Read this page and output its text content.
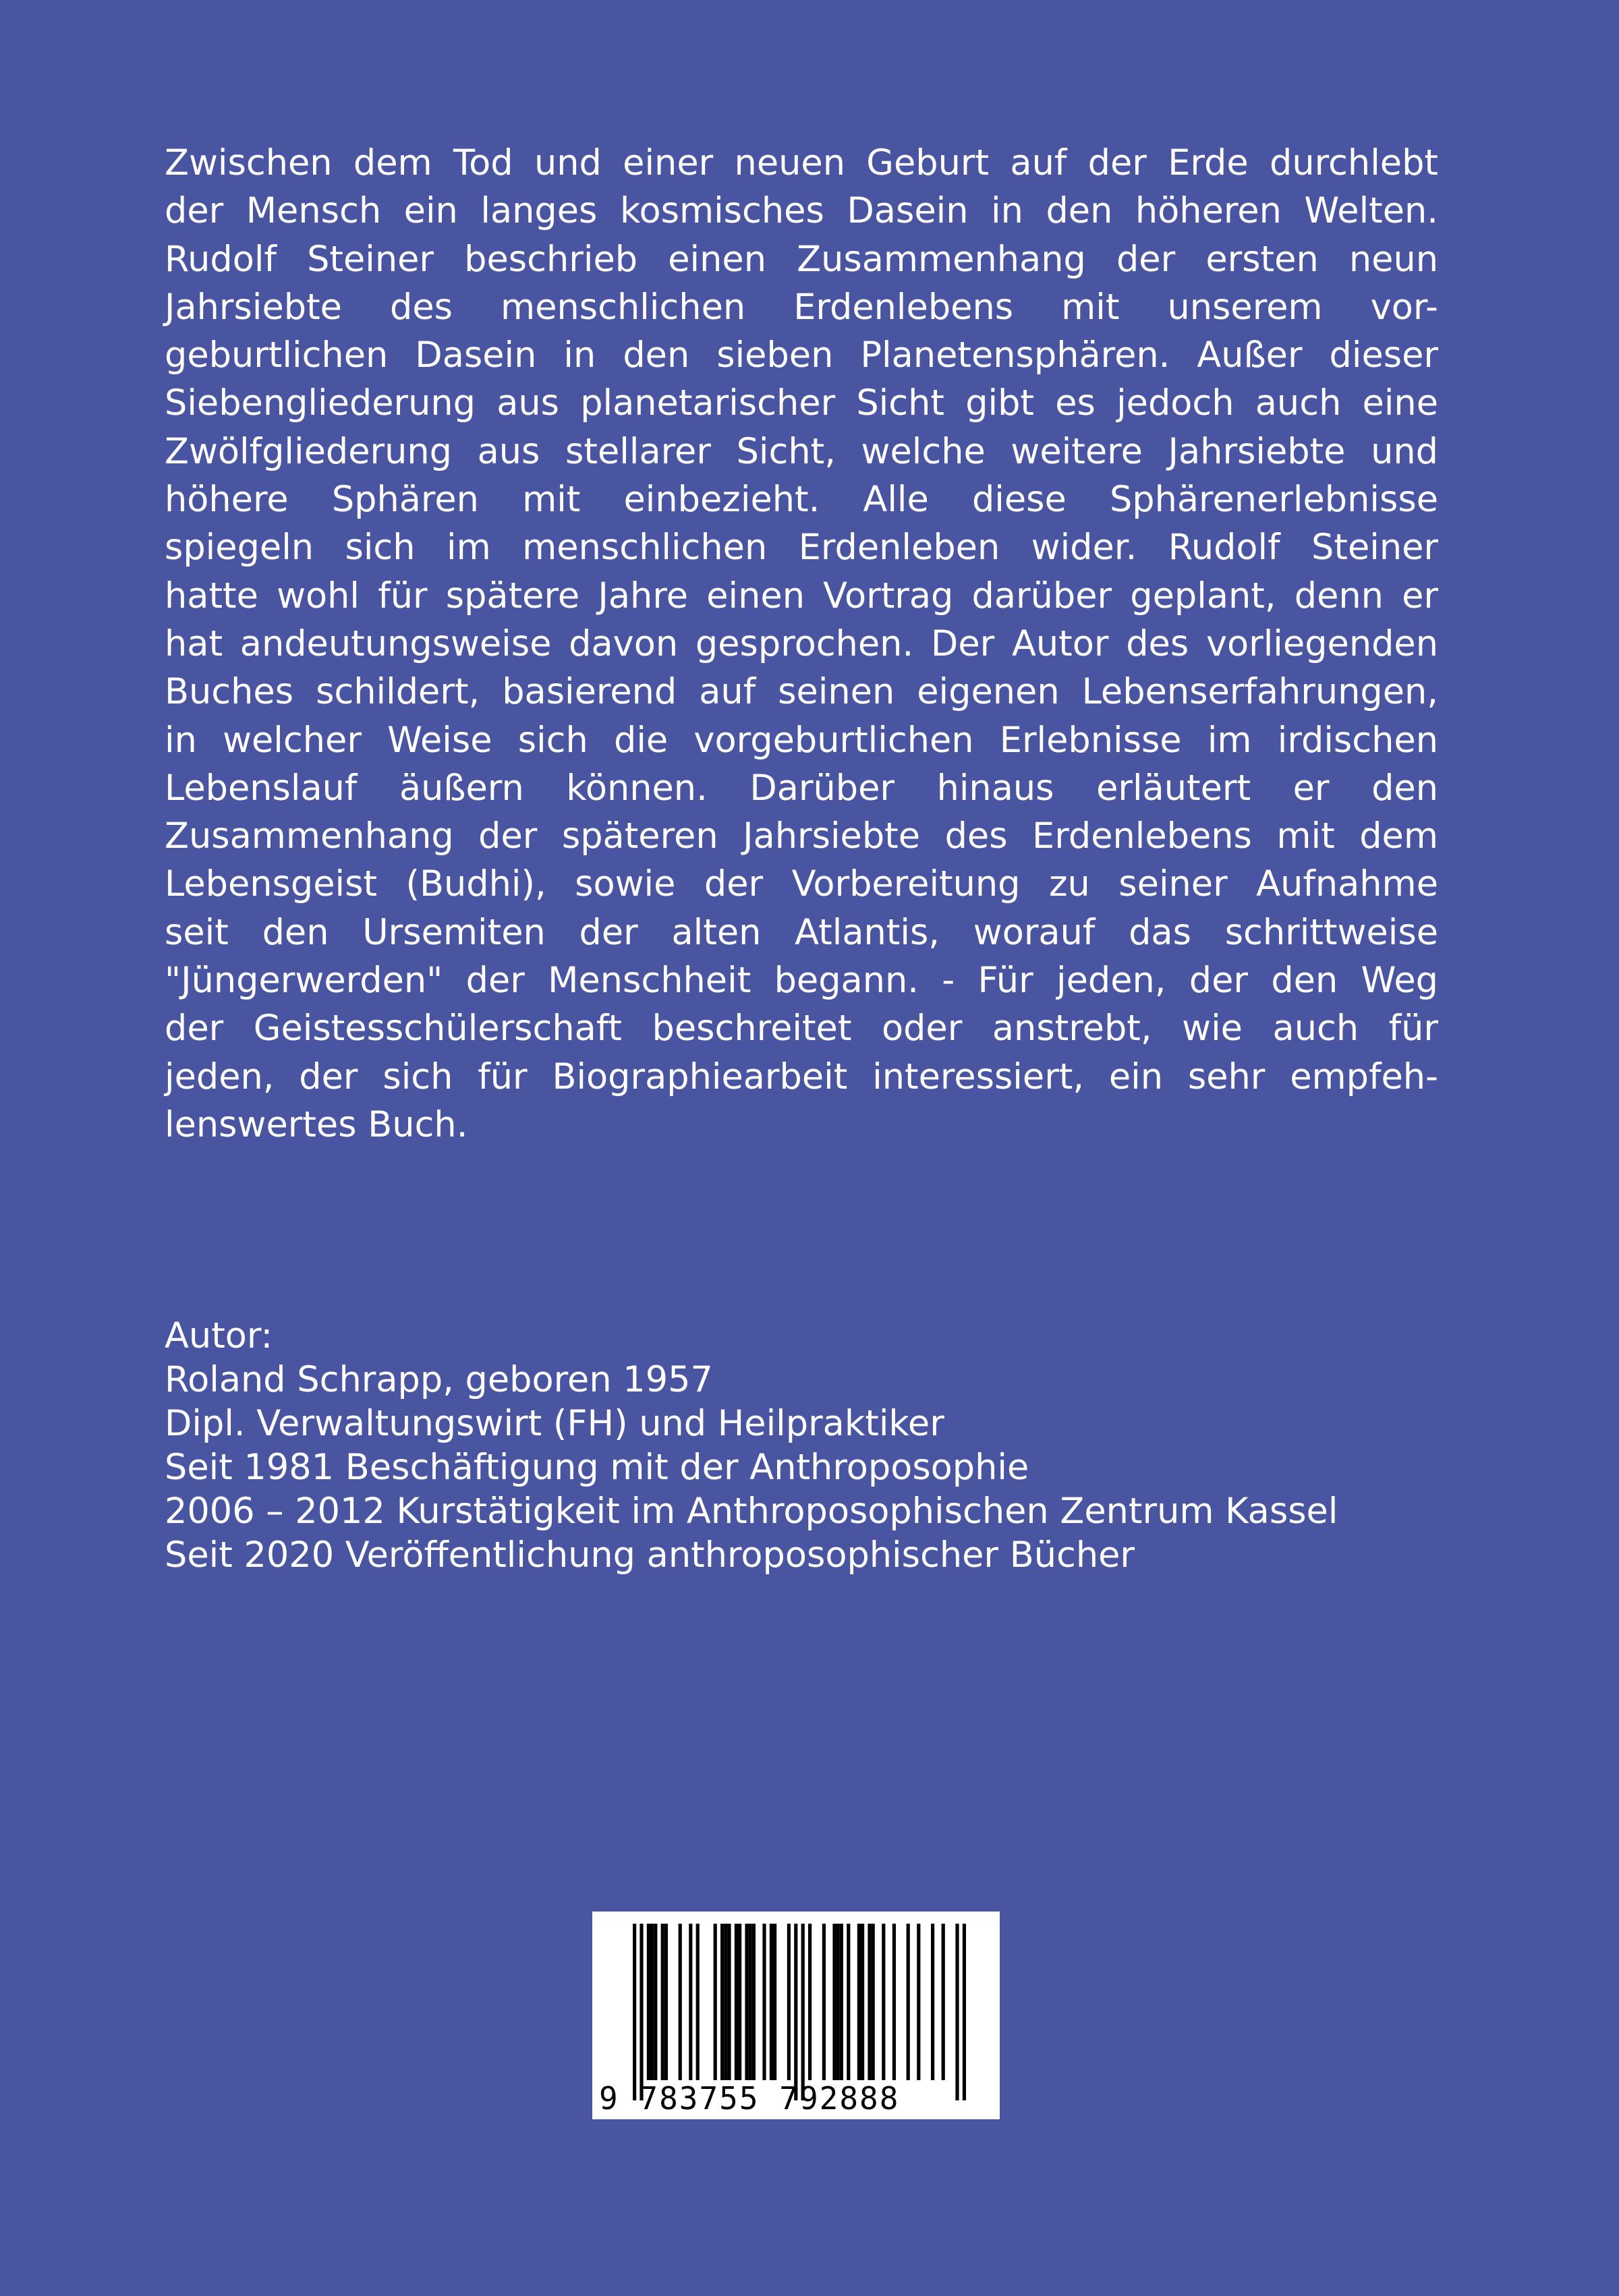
Zwischen dem Tod und einer neuen Geburt auf der Erde durchlebt
der Mensch ein langes kosmisches Dasein in den höheren Welten.
Rudolf Steiner beschrieb einen Zusammenhang der ersten neun
Jahrsiebte des menschlichen Erdenlebens mit unserem vor-
geburtlichen Dasein in den sieben Planetensphären. Außer dieser
Siebengliederung aus planetarischer Sicht gibt es jedoch auch eine
Zwölfgliederung aus stellarer Sicht, welche weitere Jahrsiebte und
höhere Sphären mit einbezieht. Alle diese Sphärenerlebnisse
spiegeln sich im menschlichen Erdenleben wider. Rudolf Steiner
hatte wohl für spätere Jahre einen Vortrag darüber geplant, denn er
hat andeutungsweise davon gesprochen. Der Autor des vorliegenden
Buches schildert, basierend auf seinen eigenen Lebenserfahrungen,
in welcher Weise sich die vorgeburtlichen Erlebnisse im irdischen
Lebenslauf äußern können. Darüber hinaus erläutert er den
Zusammenhang der späteren Jahrsiebte des Erdenlebens mit dem
Lebensgeist (Budhi), sowie der Vorbereitung zu seiner Aufnahme
seit den Ursemiten der alten Atlantis, worauf das schrittweise
"Jüngerwerden" der Menschheit begann. - Für jeden, der den Weg
der Geistesschülerschaft beschreitet oder anstrebt, wie auch für
jeden, der sich für Biographiearbeit interessiert, ein sehr empfeh-
lenswertes Buch.
Autor:
Roland Schrapp, geboren 1957
Dipl. Verwaltungswirt (FH) und Heilpraktiker
Seit 1981 Beschäftigung mit der Anthroposophie
2006 – 2012 Kurstätigkeit im Anthroposophischen Zentrum Kassel
Seit 2020 Veröffentlichung anthroposophischer Bücher
9 783755 792888
